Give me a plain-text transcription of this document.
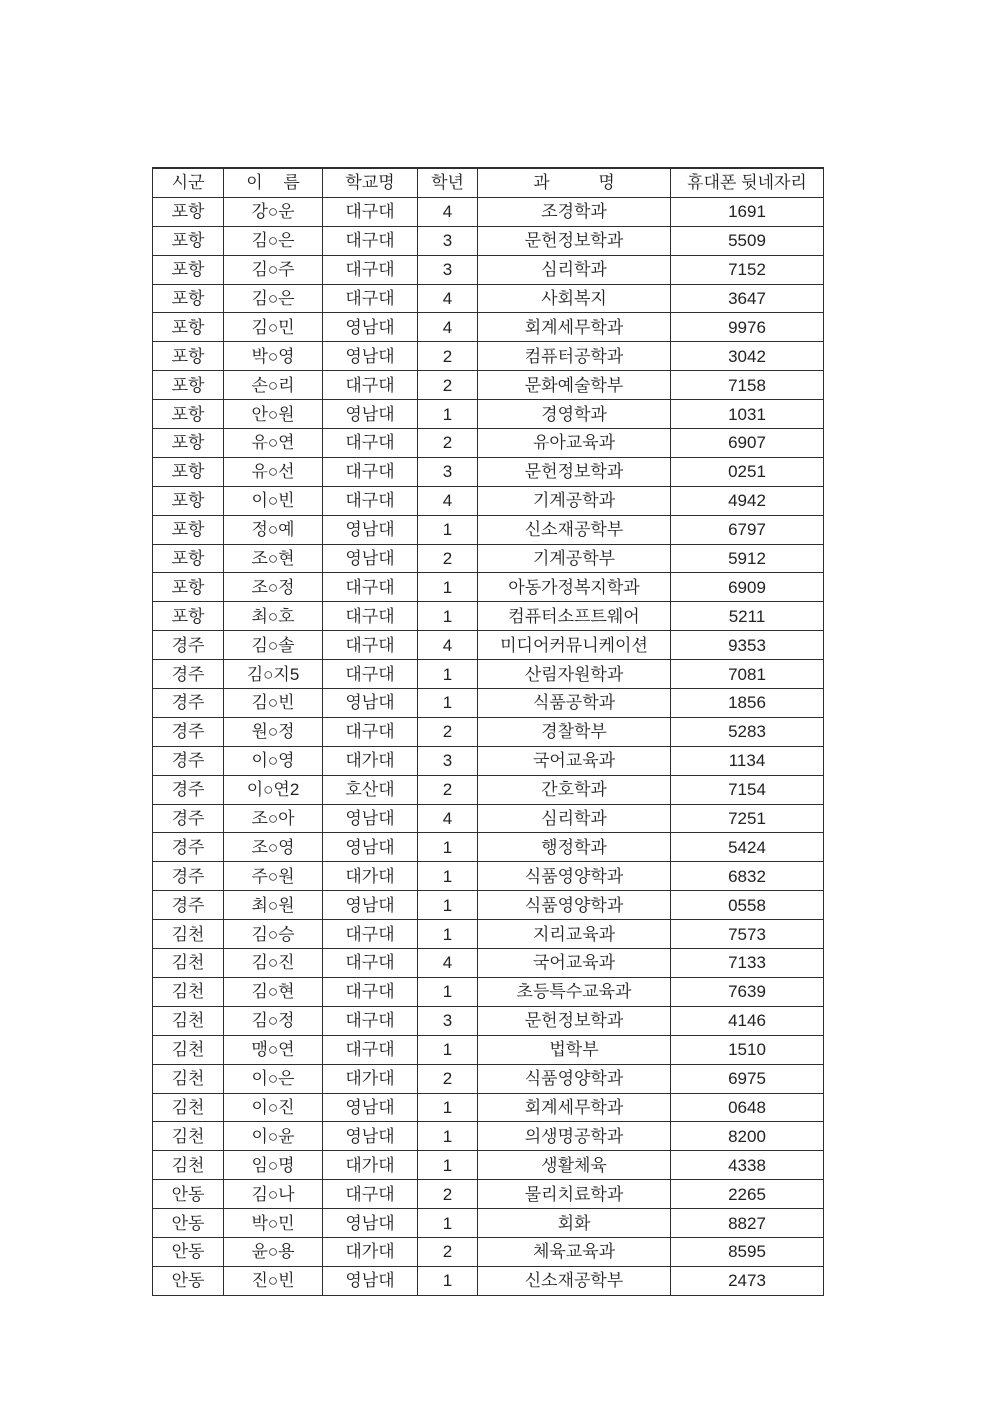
시군	이 름	학교명	학년	과 명	휴대폰 뒷네자리
포항	강○운	대구대	4	조경학과	1691
포항	김○은	대구대	3	문헌정보학과	5509
포항	김○주	대구대	3	심리학과	7152
포항	김○은	대구대	4	사회복지	3647
포항	김○민	영남대	4	회계세무학과	9976
포항	박○영	영남대	2	컴퓨터공학과	3042
포항	손○리	대구대	2	문화예술학부	7158
포항	안○원	영남대	1	경영학과	1031
포항	유○연	대구대	2	유아교육과	6907
포항	유○선	대구대	3	문헌정보학과	0251
포항	이○빈	대구대	4	기계공학과	4942
포항	정○예	영남대	1	신소재공학부	6797
포항	조○현	영남대	2	기계공학부	5912
포항	조○정	대구대	1	아동가정복지학과	6909
포항	최○호	대구대	1	컴퓨터소프트웨어	5211
경주	김○솔	대구대	4	미디어커뮤니케이션	9353
경주	김○지5	대구대	1	산림자원학과	7081
경주	김○빈	영남대	1	식품공학과	1856
경주	원○정	대구대	2	경찰학부	5283
경주	이○영	대가대	3	국어교육과	1134
경주	이○연2	호산대	2	간호학과	7154
경주	조○아	영남대	4	심리학과	7251
경주	조○영	영남대	1	행정학과	5424
경주	주○원	대가대	1	식품영양학과	6832
경주	최○원	영남대	1	식품영양학과	0558
김천	김○승	대구대	1	지리교육과	7573
김천	김○진	대구대	4	국어교육과	7133
김천	김○현	대구대	1	초등특수교육과	7639
김천	김○정	대구대	3	문헌정보학과	4146
김천	맹○연	대구대	1	법학부	1510
김천	이○은	대가대	2	식품영양학과	6975
김천	이○진	영남대	1	회계세무학과	0648
김천	이○윤	영남대	1	의생명공학과	8200
김천	임○명	대가대	1	생활체육	4338
안동	김○나	대구대	2	물리치료학과	2265
안동	박○민	영남대	1	회화	8827
안동	윤○용	대가대	2	체육교육과	8595
안동	진○빈	영남대	1	신소재공학부	2473
